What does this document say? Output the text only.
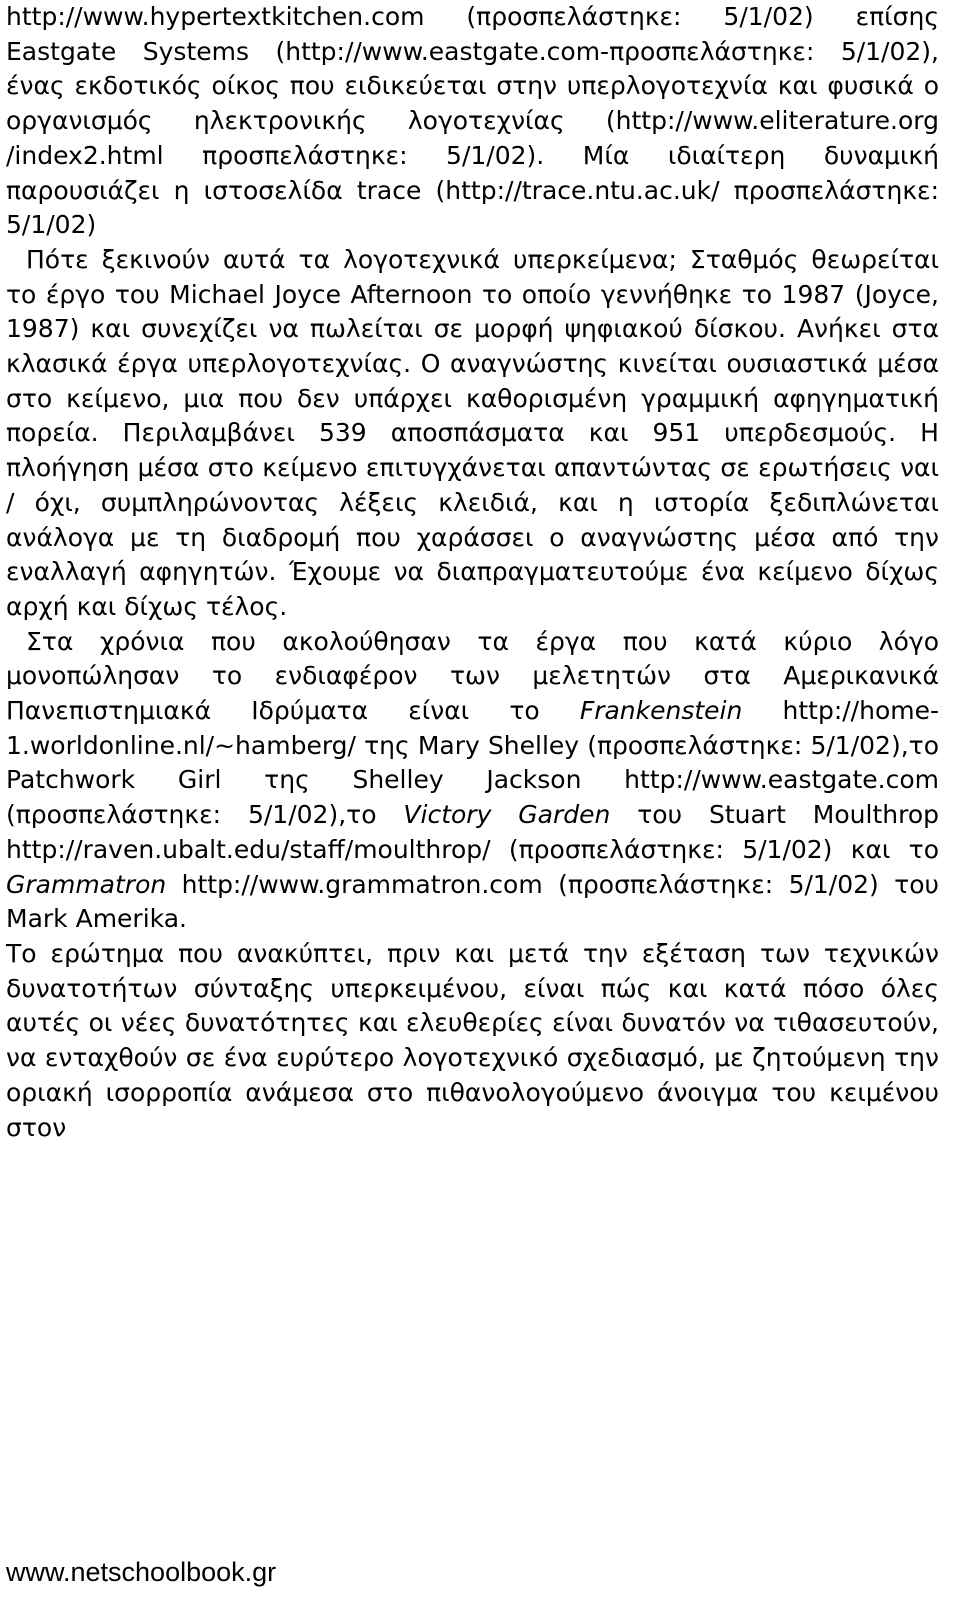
http://www.hypertextkitchen.com (προσπελάστηκε: 5/1/02) επίσης Eastgate Systems (http://www.eastgate.com-προσπελάστηκε: 5/1/02), ένας εκδοτικός οίκος που ειδικεύεται στην υπερλογοτεχνία και φυσικά ο οργανισμός ηλεκτρονικής λογοτεχνίας (http://www.eliterature.org /index2.html προσπελάστηκε: 5/1/02). Μία ιδιαίτερη δυναμική παρουσιάζει η ιστοσελίδα trace (http://trace.ntu.ac.uk/ προσπελάστηκε: 5/1/02)

Πότε ξεκινούν αυτά τα λογοτεχνικά υπερκείμενα; Σταθμός θεωρείται το έργο του Michael Joyce Afternoon το οποίο γεννήθηκε το 1987 (Joyce, 1987) και συνεχίζει να πωλείται σε μορφή ψηφιακού δίσκου. Ανήκει στα κλασικά έργα υπερλογοτεχνίας. Ο αναγνώστης κινείται ουσιαστικά μέσα στο κείμενο, μια που δεν υπάρχει καθορισμένη γραμμική αφηγηματική πορεία. Περιλαμβάνει 539 αποσπάσματα και 951 υπερδεσμούς. Η πλοήγηση μέσα στο κείμενο επιτυγχάνεται απαντώντας σε ερωτήσεις ναι / όχι, συμπληρώνοντας λέξεις κλειδιά, και η ιστορία ξεδιπλώνεται ανάλογα με τη διαδρομή που χαράσσει ο αναγνώστης μέσα από την εναλλαγή αφηγητών. Έχουμε να διαπραγματευτούμε ένα κείμενο δίχως αρχή και δίχως τέλος.

Στα χρόνια που ακολούθησαν τα έργα που κατά κύριο λόγο μονοπώλησαν το ενδιαφέρον των μελετητών στα Αμερικανικά Πανεπιστημιακά Ιδρύματα είναι το Frankenstein http://home-1.worldonline.nl/~hamberg/ της Mary Shelley (προσπελάστηκε: 5/1/02),το Patchwork Girl της Shelley Jackson http://www.eastgate.com (προσπελάστηκε: 5/1/02),το Victory Garden του Stuart Moulthrop http://raven.ubalt.edu/staff/moulthrop/ (προσπελάστηκε: 5/1/02) και το Grammatron http://www.grammatron.com (προσπελάστηκε: 5/1/02) του Mark Amerika.

Το ερώτημα που ανακύπτει, πριν και μετά την εξέταση των τεχνικών δυνατοτήτων σύνταξης υπερκειμένου, είναι πώς και κατά πόσο όλες αυτές οι νέες δυνατότητες και ελευθερίες είναι δυνατόν να τιθασευτούν, να ενταχθούν σε ένα ευρύτερο λογοτεχνικό σχεδιασμό, με ζητούμενη την οριακή ισορροπία ανάμεσα στο πιθανολογούμενο άνοιγμα του κειμένου στον

www.netschoolbook.gr
